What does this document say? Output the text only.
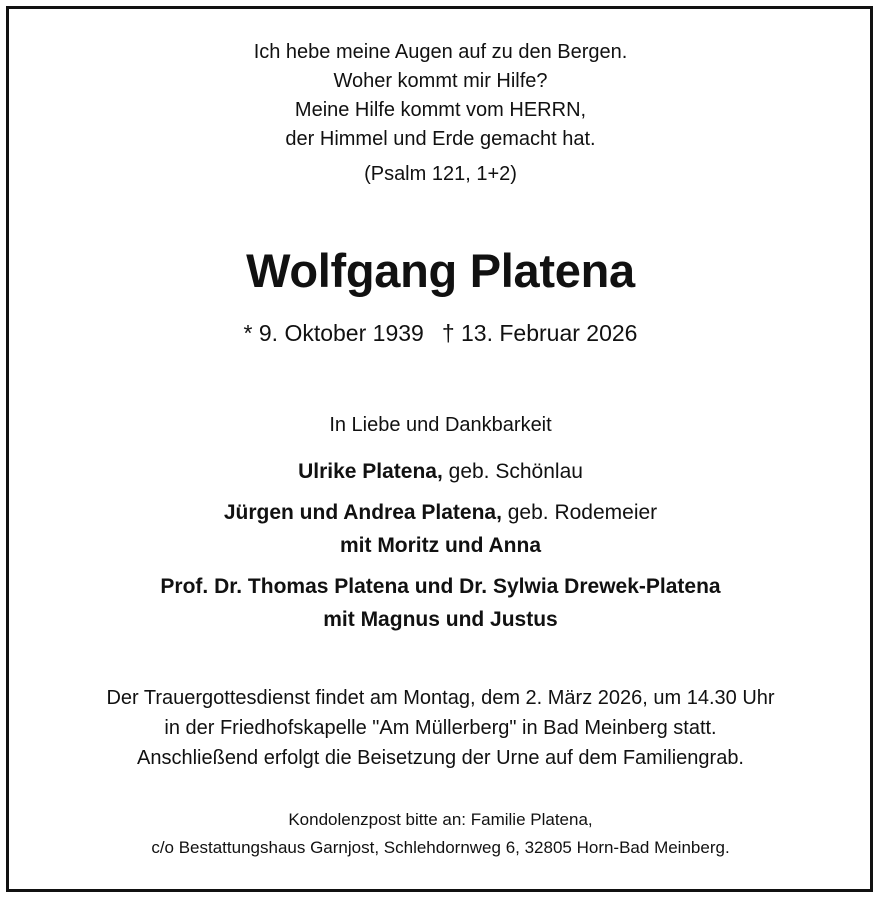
Ich hebe meine Augen auf zu den Bergen.
Woher kommt mir Hilfe?
Meine Hilfe kommt vom HERRN,
der Himmel und Erde gemacht hat.
(Psalm 121, 1+2)
Wolfgang Platena
* 9. Oktober 1939 † 13. Februar 2026
In Liebe und Dankbarkeit
Ulrike Platena, geb. Schönlau
Jürgen und Andrea Platena, geb. Rodemeier
mit Moritz und Anna
Prof. Dr. Thomas Platena und Dr. Sylwia Drewek-Platena
mit Magnus und Justus
Der Trauergottesdienst findet am Montag, dem 2. März 2026, um 14.30 Uhr
in der Friedhofskapelle "Am Müllerberg" in Bad Meinberg statt.
Anschließend erfolgt die Beisetzung der Urne auf dem Familiengrab.
Kondolenzpost bitte an: Familie Platena,
c/o Bestattungshaus Garnjost, Schlehdornweg 6, 32805 Horn-Bad Meinberg.
